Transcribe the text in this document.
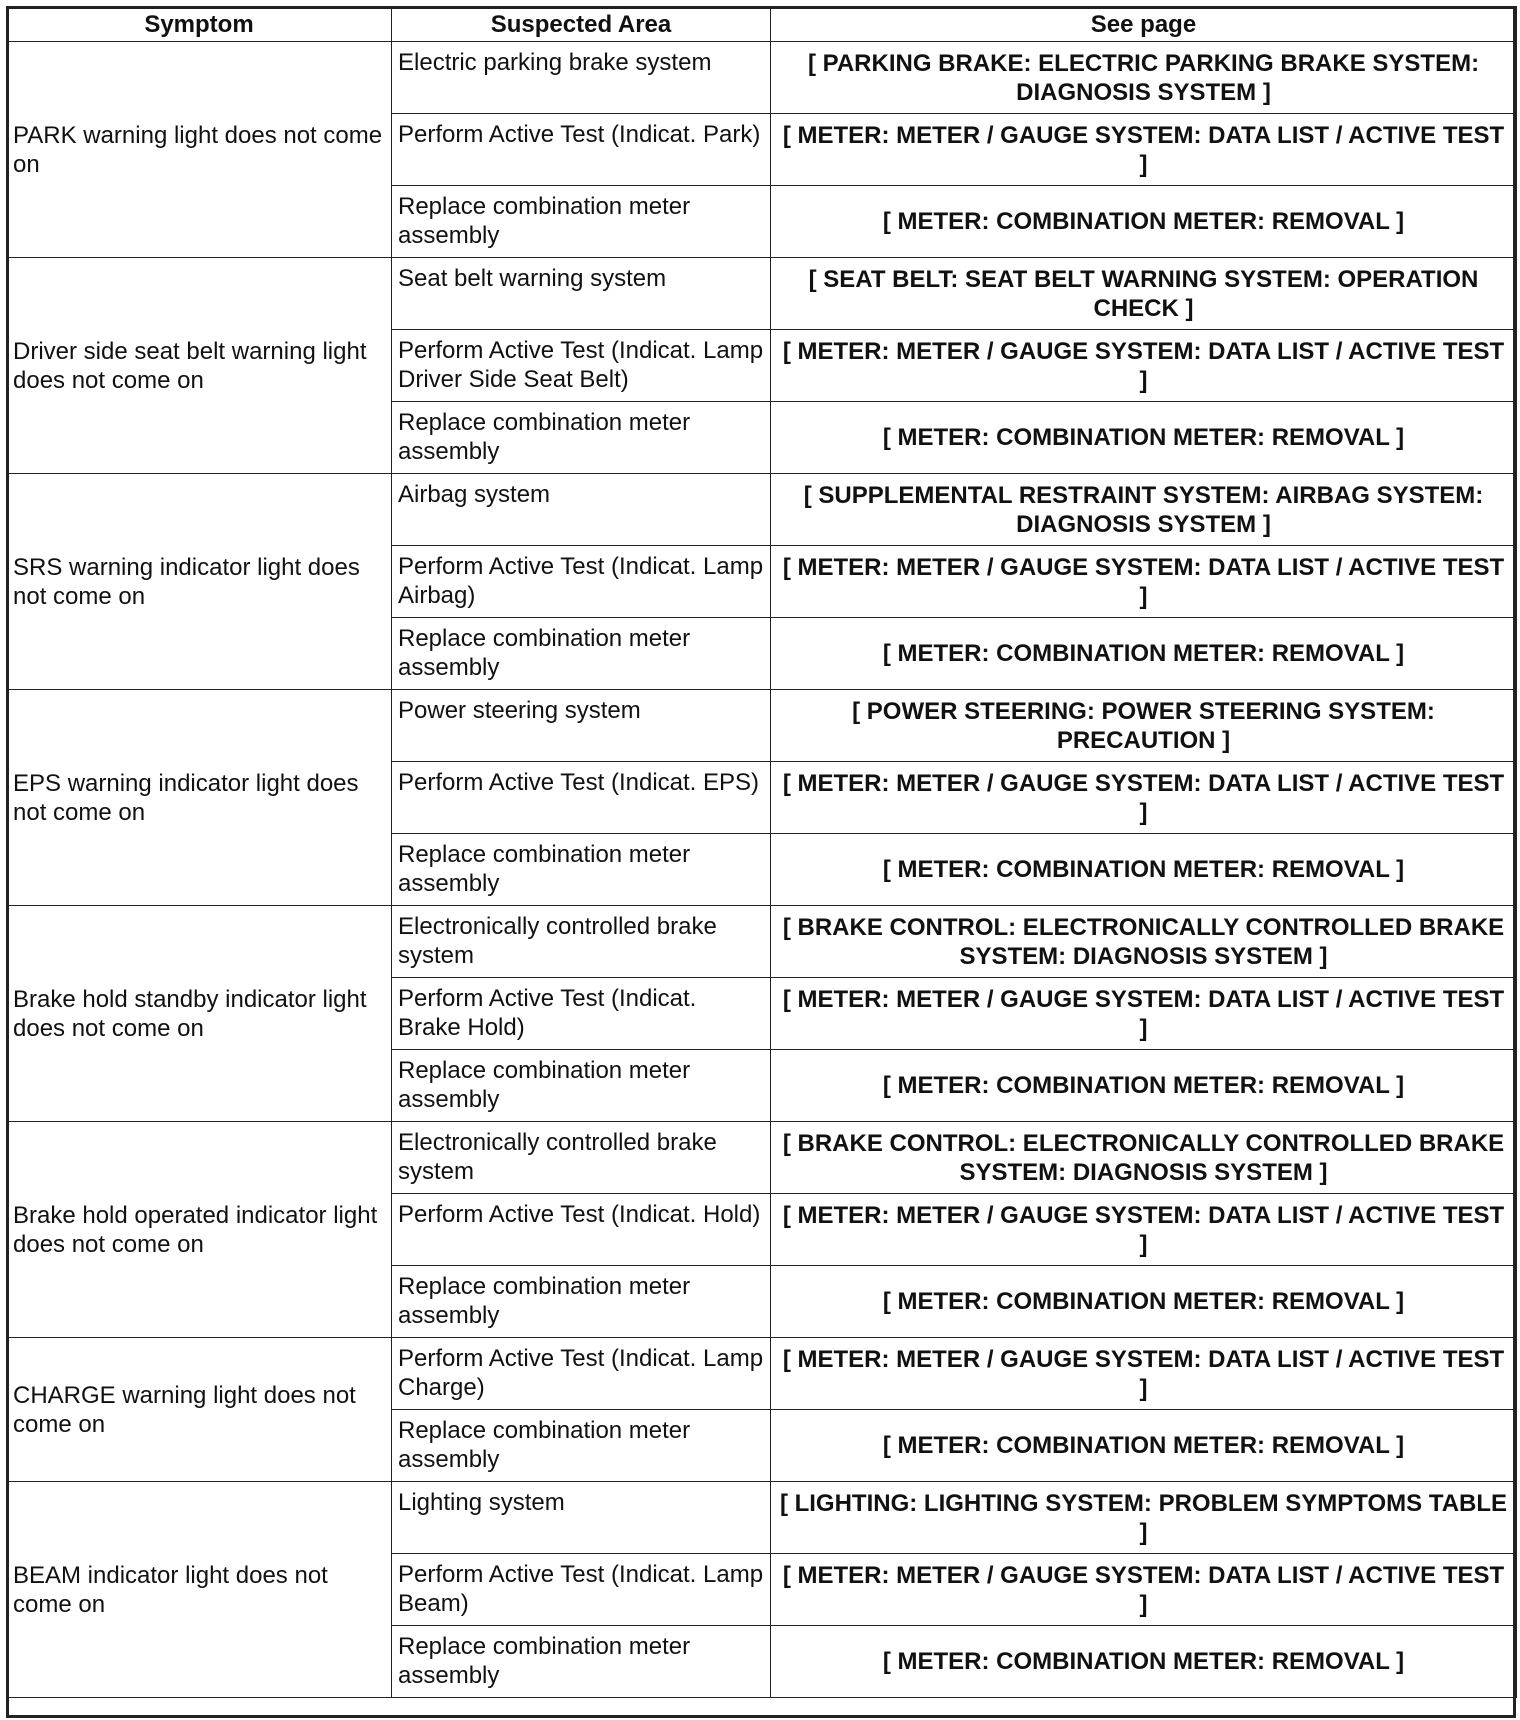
Symptom	Suspected Area	See page
PARK warning light does not come on	Electric parking brake system	[ PARKING BRAKE: ELECTRIC PARKING BRAKE SYSTEM: DIAGNOSIS SYSTEM ]
	Perform Active Test (Indicat. Park)	[ METER: METER / GAUGE SYSTEM: DATA LIST / ACTIVE TEST ]
	Replace combination meter assembly	[ METER: COMBINATION METER: REMOVAL ]
Driver side seat belt warning light does not come on	Seat belt warning system	[ SEAT BELT: SEAT BELT WARNING SYSTEM: OPERATION CHECK ]
	Perform Active Test (Indicat. Lamp Driver Side Seat Belt)	[ METER: METER / GAUGE SYSTEM: DATA LIST / ACTIVE TEST ]
	Replace combination meter assembly	[ METER: COMBINATION METER: REMOVAL ]
SRS warning indicator light does not come on	Airbag system	[ SUPPLEMENTAL RESTRAINT SYSTEM: AIRBAG SYSTEM: DIAGNOSIS SYSTEM ]
	Perform Active Test (Indicat. Lamp Airbag)	[ METER: METER / GAUGE SYSTEM: DATA LIST / ACTIVE TEST ]
	Replace combination meter assembly	[ METER: COMBINATION METER: REMOVAL ]
EPS warning indicator light does not come on	Power steering system	[ POWER STEERING: POWER STEERING SYSTEM: PRECAUTION ]
	Perform Active Test (Indicat. EPS)	[ METER: METER / GAUGE SYSTEM: DATA LIST / ACTIVE TEST ]
	Replace combination meter assembly	[ METER: COMBINATION METER: REMOVAL ]
Brake hold standby indicator light does not come on	Electronically controlled brake system	[ BRAKE CONTROL: ELECTRONICALLY CONTROLLED BRAKE SYSTEM: DIAGNOSIS SYSTEM ]
	Perform Active Test (Indicat. Brake Hold)	[ METER: METER / GAUGE SYSTEM: DATA LIST / ACTIVE TEST ]
	Replace combination meter assembly	[ METER: COMBINATION METER: REMOVAL ]
Brake hold operated indicator light does not come on	Electronically controlled brake system	[ BRAKE CONTROL: ELECTRONICALLY CONTROLLED BRAKE SYSTEM: DIAGNOSIS SYSTEM ]
	Perform Active Test (Indicat. Hold)	[ METER: METER / GAUGE SYSTEM: DATA LIST / ACTIVE TEST ]
	Replace combination meter assembly	[ METER: COMBINATION METER: REMOVAL ]
CHARGE warning light does not come on	Perform Active Test (Indicat. Lamp Charge)	[ METER: METER / GAUGE SYSTEM: DATA LIST / ACTIVE TEST ]
	Replace combination meter assembly	[ METER: COMBINATION METER: REMOVAL ]
BEAM indicator light does not come on	Lighting system	[ LIGHTING: LIGHTING SYSTEM: PROBLEM SYMPTOMS TABLE ]
	Perform Active Test (Indicat. Lamp Beam)	[ METER: METER / GAUGE SYSTEM: DATA LIST / ACTIVE TEST ]
	Replace combination meter assembly	[ METER: COMBINATION METER: REMOVAL ]
